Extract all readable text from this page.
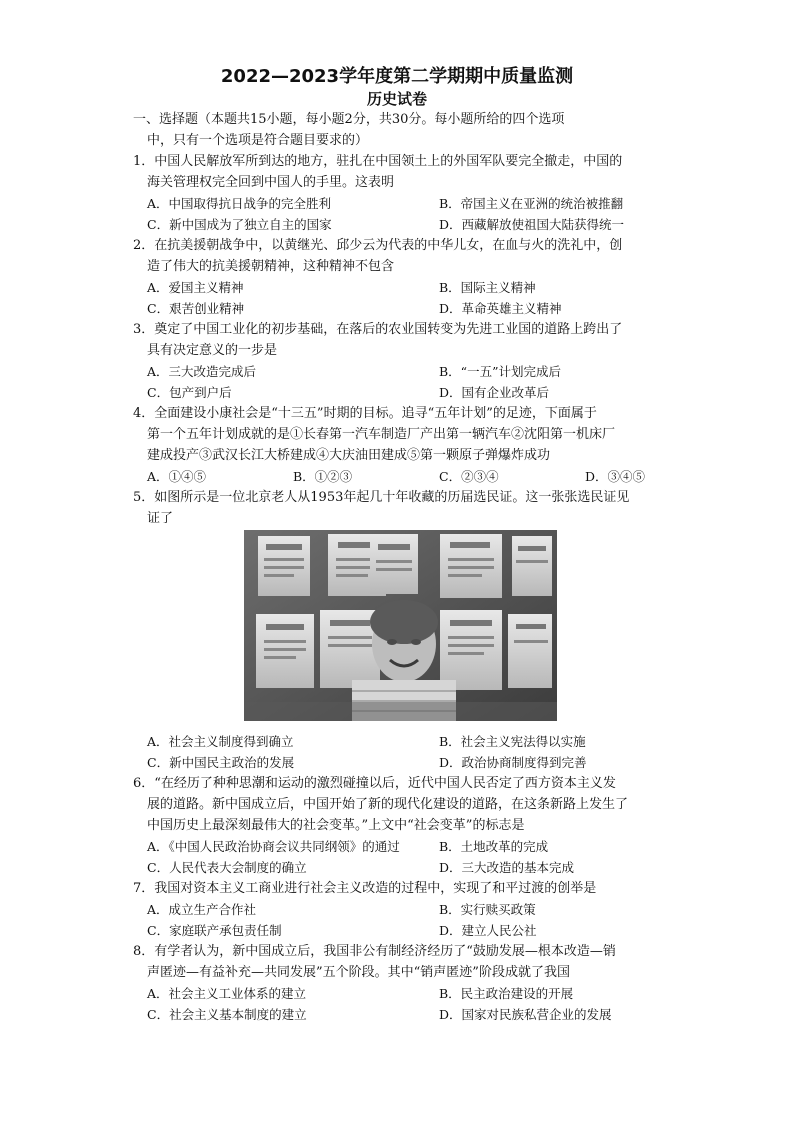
2022—2023学年度第二学期期中质量监测
历史试卷
一、选择题（本题共15小题，每小题2分，共30分。每小题所给的四个选项
中，只有一个选项是符合题目要求的）
1．中国人民解放军所到达的地方，驻扎在中国领土上的外国军队要完全撤走，中国的
海关管理权完全回到中国人的手里。这表明
A．中国取得抗日战争的完全胜利	B．帝国主义在亚洲的统治被推翻
C．新中国成为了独立自主的国家	D．西藏解放使祖国大陆获得统一
2．在抗美援朝战争中，以黄继光、邱少云为代表的中华儿女，在血与火的洗礼中，创
造了伟大的抗美援朝精神，这种精神不包含
A．爱国主义精神	B．国际主义精神
C．艰苦创业精神	D．革命英雄主义精神
3．奠定了中国工业化的初步基础，在落后的农业国转变为先进工业国的道路上跨出了
具有决定意义的一步是
A．三大改造完成后	B．“一五”计划完成后
C．包产到户后	D．国有企业改革后
4．全面建设小康社会是“十三五”时期的目标。追寻“五年计划”的足迹，下面属于
第一个五年计划成就的是①长春第一汽车制造厂产出第一辆汽车②沈阳第一机床厂
建成投产③武汉长江大桥建成④大庆油田建成⑤第一颗原子弹爆炸成功
A．①④⑤	B．①②③	C．②③④	D．③④⑤
5．如图所示是一位北京老人从1953年起几十年收藏的历届选民证。这一张张选民证见
证了
A．社会主义制度得到确立	B．社会主义宪法得以实施
C．新中国民主政治的发展	D．政治协商制度得到完善
6．“在经历了种种思潮和运动的激烈碰撞以后，近代中国人民否定了西方资本主义发
展的道路。新中国成立后，中国开始了新的现代化建设的道路，在这条新路上发生了
中国历史上最深刻最伟大的社会变革。”上文中“社会变革”的标志是
A．《中国人民政治协商会议共同纲领》的通过	B．土地改革的完成
C．人民代表大会制度的确立	D．三大改造的基本完成
7．我国对资本主义工商业进行社会主义改造的过程中，实现了和平过渡的创举是
A．成立生产合作社	B．实行赎买政策
C．家庭联产承包责任制	D．建立人民公社
8．有学者认为，新中国成立后，我国非公有制经济经历了“鼓励发展—根本改造—销
声匿迹—有益补充—共同发展”五个阶段。其中“销声匿迹”阶段成就了我国
A．社会主义工业体系的建立	B．民主政治建设的开展
C．社会主义基本制度的建立	D．国家对民族私营企业的发展
